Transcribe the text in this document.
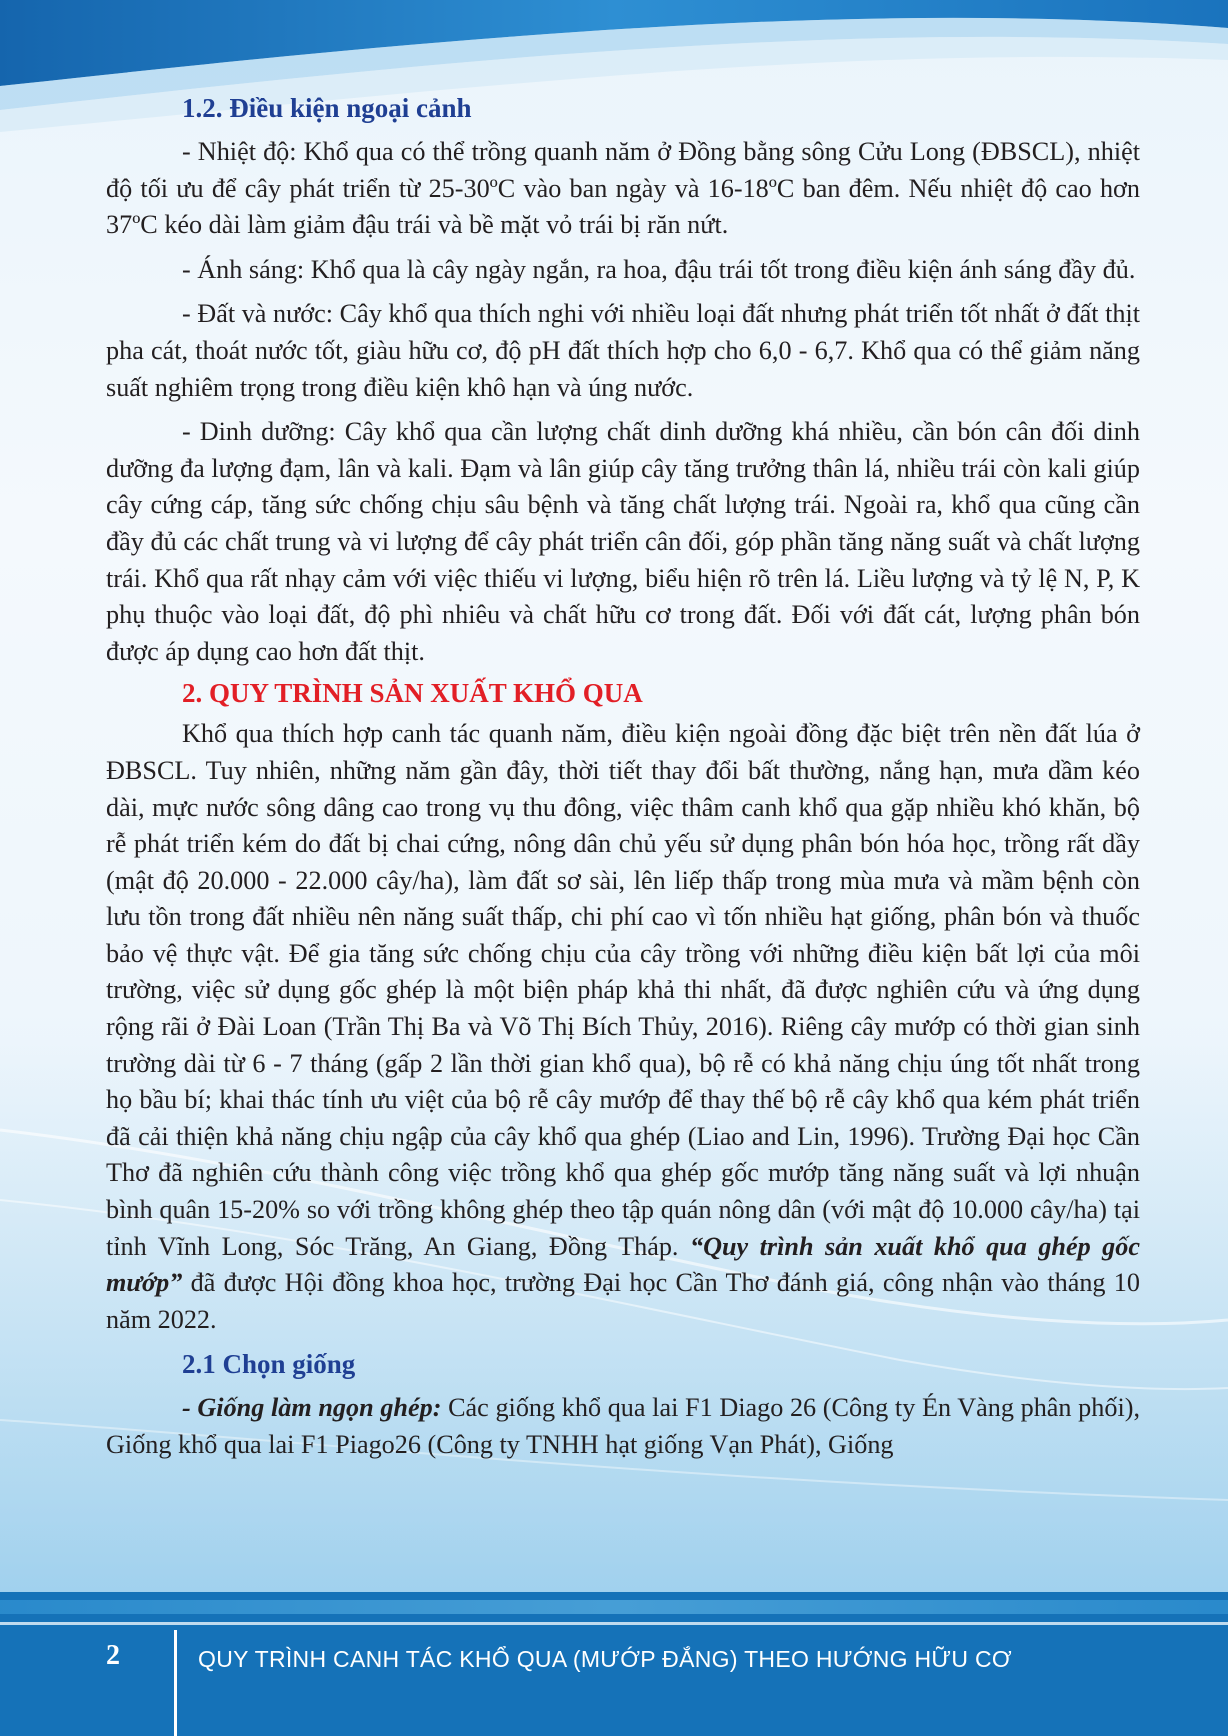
1.2. Điều kiện ngoại cảnh

- Nhiệt độ: Khổ qua có thể trồng quanh năm ở Đồng bằng sông Cửu Long (ĐBSCL), nhiệt độ tối ưu để cây phát triển từ 25-30ºC vào ban ngày và 16-18ºC ban đêm. Nếu nhiệt độ cao hơn 37ºC kéo dài làm giảm đậu trái và bề mặt vỏ trái bị răn nứt.

- Ánh sáng: Khổ qua là cây ngày ngắn, ra hoa, đậu trái tốt trong điều kiện ánh sáng đầy đủ.

- Đất và nước: Cây khổ qua thích nghi với nhiều loại đất nhưng phát triển tốt nhất ở đất thịt pha cát, thoát nước tốt, giàu hữu cơ, độ pH đất thích hợp cho 6,0 - 6,7. Khổ qua có thể giảm năng suất nghiêm trọng trong điều kiện khô hạn và úng nước.

- Dinh dưỡng: Cây khổ qua cần lượng chất dinh dưỡng khá nhiều, cần bón cân đối dinh dưỡng đa lượng đạm, lân và kali. Đạm và lân giúp cây tăng trưởng thân lá, nhiều trái còn kali giúp cây cứng cáp, tăng sức chống chịu sâu bệnh và tăng chất lượng trái. Ngoài ra, khổ qua cũng cần đầy đủ các chất trung và vi lượng để cây phát triển cân đối, góp phần tăng năng suất và chất lượng trái. Khổ qua rất nhạy cảm với việc thiếu vi lượng, biểu hiện rõ trên lá. Liều lượng và tỷ lệ N, P, K phụ thuộc vào loại đất, độ phì nhiêu và chất hữu cơ trong đất. Đối với đất cát, lượng phân bón được áp dụng cao hơn đất thịt.

2. QUY TRÌNH SẢN XUẤT KHỔ QUA

Khổ qua thích hợp canh tác quanh năm, điều kiện ngoài đồng đặc biệt trên nền đất lúa ở ĐBSCL. Tuy nhiên, những năm gần đây, thời tiết thay đổi bất thường, nắng hạn, mưa dầm kéo dài, mực nước sông dâng cao trong vụ thu đông, việc thâm canh khổ qua gặp nhiều khó khăn, bộ rễ phát triển kém do đất bị chai cứng, nông dân chủ yếu sử dụng phân bón hóa học, trồng rất dầy (mật độ 20.000 - 22.000 cây/ha), làm đất sơ sài, lên liếp thấp trong mùa mưa và mầm bệnh còn lưu tồn trong đất nhiều nên năng suất thấp, chi phí cao vì tốn nhiều hạt giống, phân bón và thuốc bảo vệ thực vật. Để gia tăng sức chống chịu của cây trồng với những điều kiện bất lợi của môi trường, việc sử dụng gốc ghép là một biện pháp khả thi nhất, đã được nghiên cứu và ứng dụng rộng rãi ở Đài Loan (Trần Thị Ba và Võ Thị Bích Thủy, 2016). Riêng cây mướp có thời gian sinh trường dài từ 6 - 7 tháng (gấp 2 lần thời gian khổ qua), bộ rễ có khả năng chịu úng tốt nhất trong họ bầu bí; khai thác tính ưu việt của bộ rễ cây mướp để thay thế bộ rễ cây khổ qua kém phát triển đã cải thiện khả năng chịu ngập của cây khổ qua ghép (Liao and Lin, 1996). Trường Đại học Cần Thơ đã nghiên cứu thành công việc trồng khổ qua ghép gốc mướp tăng năng suất và lợi nhuận bình quân 15-20% so với trồng không ghép theo tập quán nông dân (với mật độ 10.000 cây/ha) tại tỉnh Vĩnh Long, Sóc Trăng, An Giang, Đồng Tháp. “Quy trình sản xuất khổ qua ghép gốc mướp” đã được Hội đồng khoa học, trường Đại học Cần Thơ đánh giá, công nhận vào tháng 10 năm 2022.

2.1 Chọn giống

- Giống làm ngọn ghép: Các giống khổ qua lai F1 Diago 26 (Công ty Én Vàng phân phối), Giống khổ qua lai F1 Piago26 (Công ty TNHH hạt giống Vạn Phát), Giống

2	QUY TRÌNH CANH TÁC KHỔ QUA (MƯỚP ĐẮNG) THEO HƯỚNG HỮU CƠ
